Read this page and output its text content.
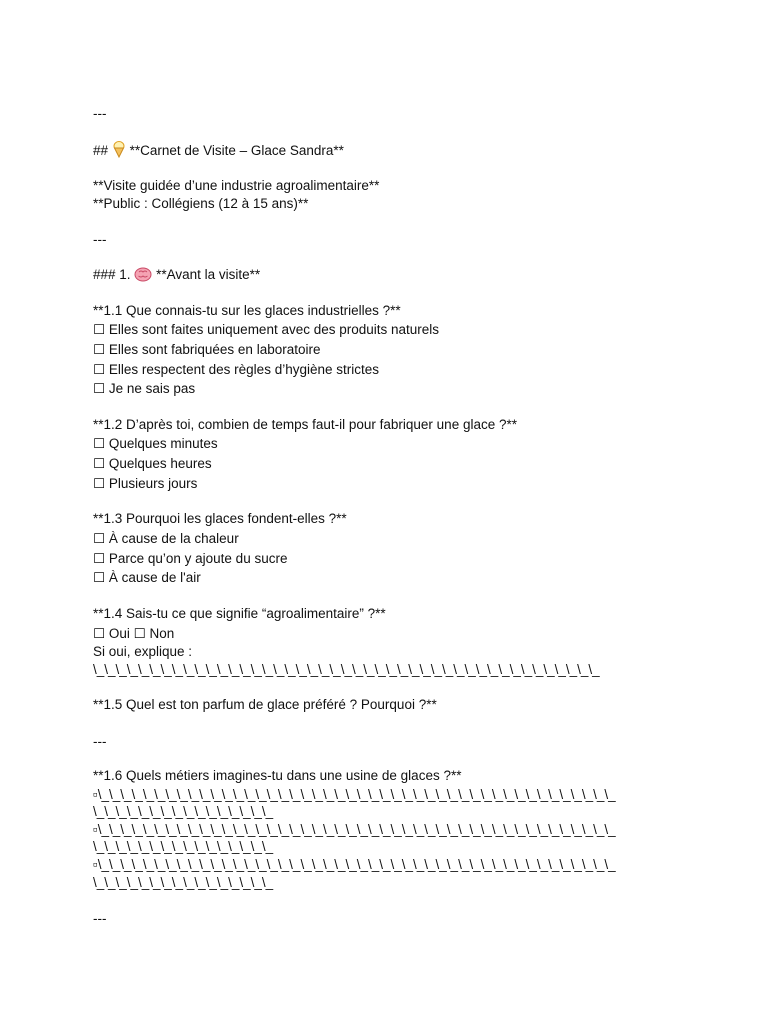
---
## **Carnet de Visite – Glace Sandra**
**Visite guidée d’une industrie agroalimentaire**
**Public : Collégiens (12 à 15 ans)**
---
### 1. **Avant la visite**
**1.1 Que connais-tu sur les glaces industrielles ?**
☐ Elles sont faites uniquement avec des produits naturels
☐ Elles sont fabriquées en laboratoire
☐ Elles respectent des règles d’hygiène strictes
☐ Je ne sais pas
**1.2 D’après toi, combien de temps faut-il pour fabriquer une glace ?**
☐ Quelques minutes
☐ Quelques heures
☐ Plusieurs jours
**1.3 Pourquoi les glaces fondent-elles ?**
☐ À cause de la chaleur
☐ Parce qu’on y ajoute du sucre
☐ À cause de l'air
**1.4 Sais-tu ce que signifie “agroalimentaire” ?**
☐ Oui ☐ Non
Si oui, explique :
\_\_\_\_\_\_\_\_\_\_\_\_\_\_\_\_\_\_\_\_\_\_\_\_\_\_\_\_\_\_\_\_\_\_\_\_\_\_\_\_\_\_\_\_\_
**1.5 Quel est ton parfum de glace préféré ? Pourquoi ?**
---
**1.6 Quels métiers imagines-tu dans une usine de glaces ?**
▫\_\_\_\_\_\_\_\_\_\_\_\_\_\_\_\_\_\_\_\_\_\_\_\_\_\_\_\_\_\_\_\_\_\_\_\_\_\_\_\_\_\_\_\_\_\_
\_\_\_\_\_\_\_\_\_\_\_\_\_\_\_\_
▫\_\_\_\_\_\_\_\_\_\_\_\_\_\_\_\_\_\_\_\_\_\_\_\_\_\_\_\_\_\_\_\_\_\_\_\_\_\_\_\_\_\_\_\_\_\_
\_\_\_\_\_\_\_\_\_\_\_\_\_\_\_\_
▫\_\_\_\_\_\_\_\_\_\_\_\_\_\_\_\_\_\_\_\_\_\_\_\_\_\_\_\_\_\_\_\_\_\_\_\_\_\_\_\_\_\_\_\_\_\_
\_\_\_\_\_\_\_\_\_\_\_\_\_\_\_\_
---
